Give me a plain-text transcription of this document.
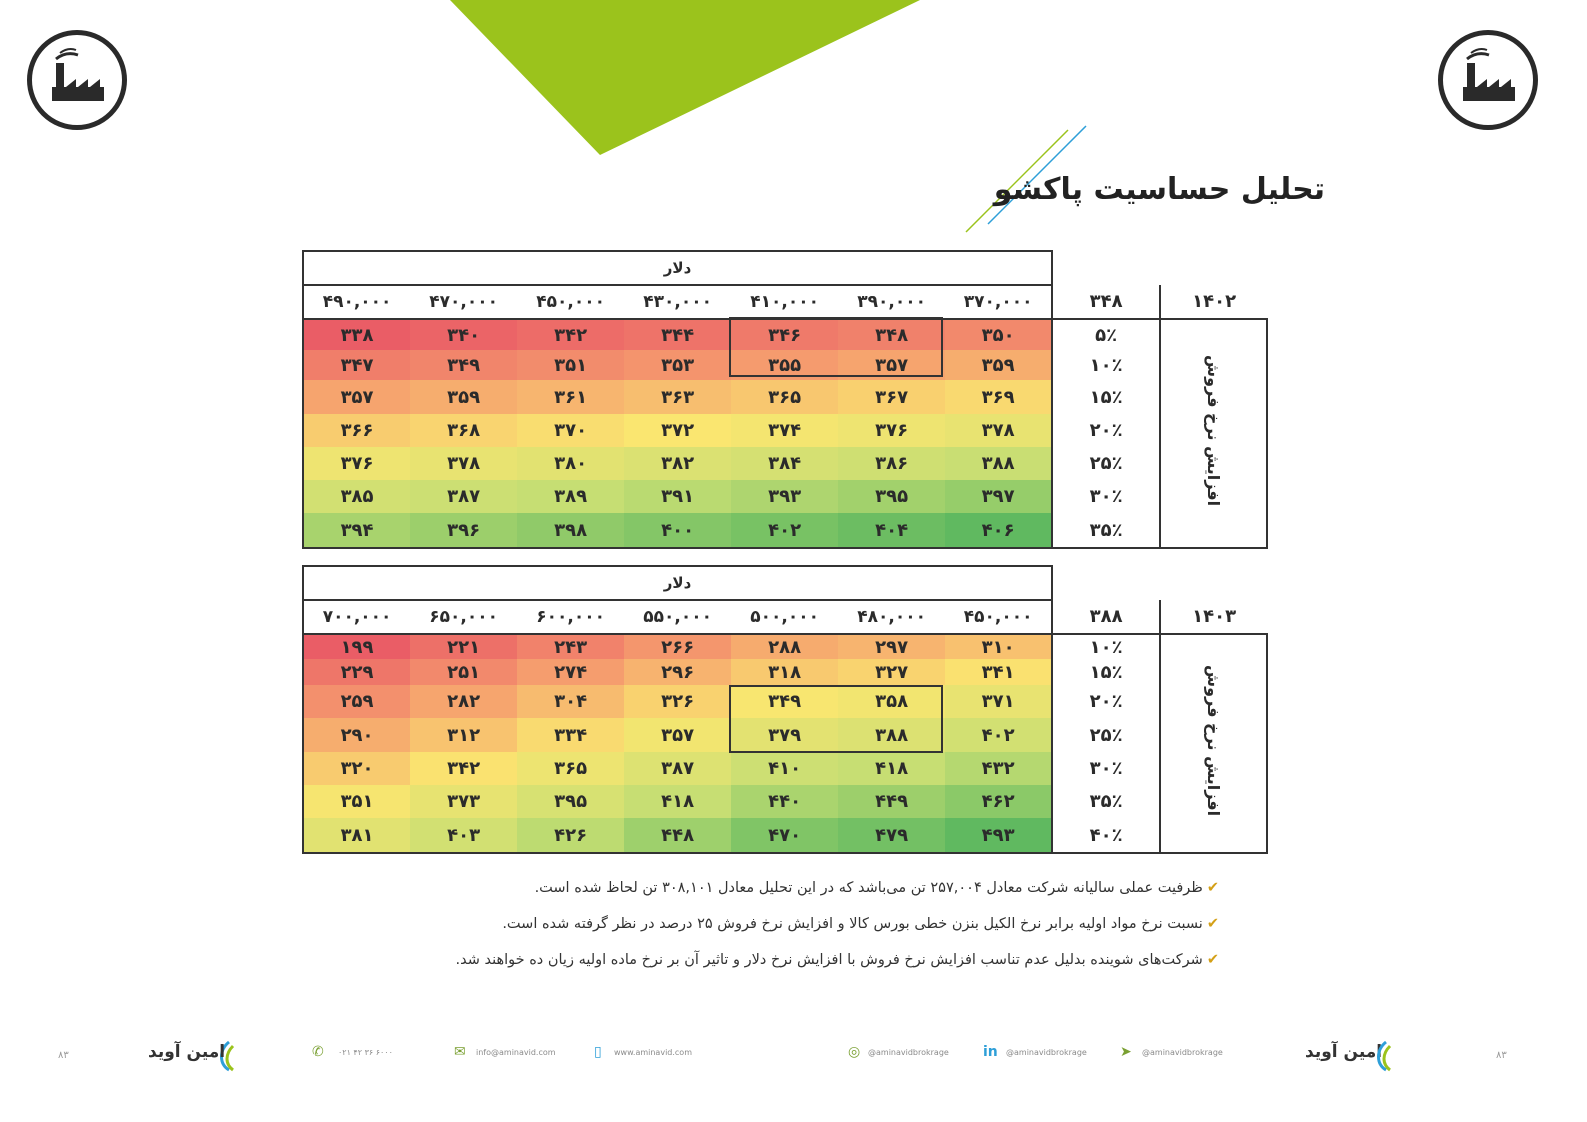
تحلیل حساسیت پاکشو
		دلار						
۱۴۰۲	۳۴۸	۳۷۰,۰۰۰	۳۹۰,۰۰۰	۴۱۰,۰۰۰	۴۳۰,۰۰۰	۴۵۰,۰۰۰	۴۷۰,۰۰۰	۴۹۰,۰۰۰
افزایش نرخ فروش	۵٪	۳۵۰	۳۴۸	۳۴۶	۳۴۴	۳۴۲	۳۴۰	۳۳۸
	۱۰٪	۳۵۹	۳۵۷	۳۵۵	۳۵۳	۳۵۱	۳۴۹	۳۴۷
	۱۵٪	۳۶۹	۳۶۷	۳۶۵	۳۶۳	۳۶۱	۳۵۹	۳۵۷
	۲۰٪	۳۷۸	۳۷۶	۳۷۴	۳۷۲	۳۷۰	۳۶۸	۳۶۶
	۲۵٪	۳۸۸	۳۸۶	۳۸۴	۳۸۲	۳۸۰	۳۷۸	۳۷۶
	۳۰٪	۳۹۷	۳۹۵	۳۹۳	۳۹۱	۳۸۹	۳۸۷	۳۸۵
	۳۵٪	۴۰۶	۴۰۴	۴۰۲	۴۰۰	۳۹۸	۳۹۶	۳۹۴
		دلار						
۱۴۰۳	۳۸۸	۴۵۰,۰۰۰	۴۸۰,۰۰۰	۵۰۰,۰۰۰	۵۵۰,۰۰۰	۶۰۰,۰۰۰	۶۵۰,۰۰۰	۷۰۰,۰۰۰
افزایش نرخ فروش	۱۰٪	۳۱۰	۲۹۷	۲۸۸	۲۶۶	۲۴۳	۲۲۱	۱۹۹
	۱۵٪	۳۴۱	۳۲۷	۳۱۸	۲۹۶	۲۷۴	۲۵۱	۲۲۹
	۲۰٪	۳۷۱	۳۵۸	۳۴۹	۳۲۶	۳۰۴	۲۸۲	۲۵۹
	۲۵٪	۴۰۲	۳۸۸	۳۷۹	۳۵۷	۳۳۴	۳۱۲	۲۹۰
	۳۰٪	۴۳۲	۴۱۸	۴۱۰	۳۸۷	۳۶۵	۳۴۲	۳۲۰
	۳۵٪	۴۶۲	۴۴۹	۴۴۰	۴۱۸	۳۹۵	۳۷۳	۳۵۱
	۴۰٪	۴۹۳	۴۷۹	۴۷۰	۴۴۸	۴۲۶	۴۰۳	۳۸۱
✔ظرفیت عملی سالیانه شرکت معادل ۲۵۷,۰۰۴ تن می‌باشد که در این تحلیل معادل ۳۰۸,۱۰۱ تن لحاظ شده است.
✔نسبت نرخ مواد اولیه برابر نرخ الکیل بنزن خطی بورس کالا و افزایش نرخ فروش ۲۵ درصد در نظر گرفته شده است.
✔شرکت‌های شوینده بدلیل عدم تناسب افزایش نرخ فروش با افزایش نرخ دلار و تاثیر آن بر نرخ ماده اولیه زیان ده خواهند شد.
۸۳	امین آوید	✆ ۰۲۱ ۴۲ ۳۶ ۶۰۰۰	✉ info@aminavid.com	▯ www.aminavid.com	◎ @aminavidbrokrage in @aminavidbrokrage ➤ @aminavidbrokrage	امین آوید	۸۳
